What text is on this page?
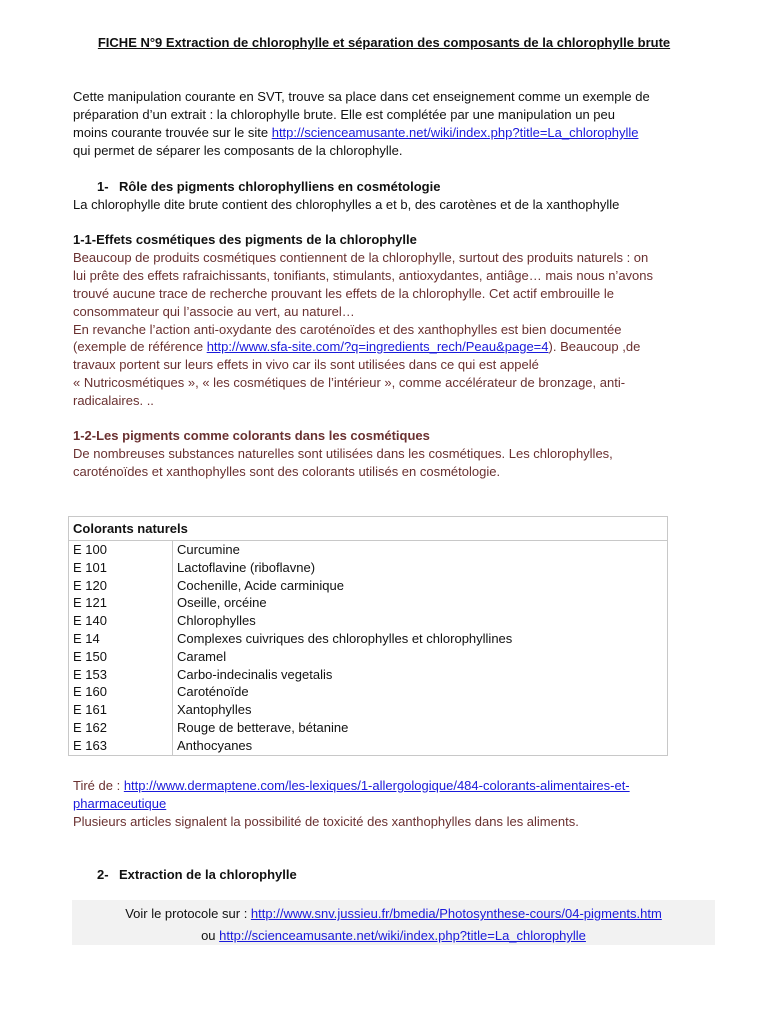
FICHE N°9 Extraction de chlorophylle et séparation des composants de la chlorophylle brute
Cette manipulation courante en SVT, trouve sa place dans cet enseignement comme un exemple de
préparation d’un extrait : la chlorophylle brute. Elle est complétée par une manipulation un peu
moins courante trouvée sur le site http://scienceamusante.net/wiki/index.php?title=La_chlorophylle
qui permet de séparer les composants de la chlorophylle.
1- Rôle des pigments chlorophylliens en cosmétologie
La chlorophylle dite brute contient des chlorophylles a et b, des carotènes et de la xanthophylle
1-1-Effets cosmétiques des pigments de la chlorophylle
Beaucoup de produits cosmétiques contiennent de la chlorophylle, surtout des produits naturels : on
lui prête des effets rafraichissants, tonifiants, stimulants, antioxydantes, antiâge… mais nous n’avons
trouvé aucune trace de recherche prouvant les effets de la chlorophylle. Cet actif embrouille le
consommateur qui l’associe au vert, au naturel…
En revanche l’action anti-oxydante des caroténoïdes et des xanthophylles est bien documentée
(exemple de référence http://www.sfa-site.com/?q=ingredients_rech/Peau&page=4). Beaucoup ,de
travaux portent sur leurs effets in vivo car ils sont utilisées dans ce qui est appelé
« Nutricosmétiques », « les cosmétiques de l’intérieur », comme accélérateur de bronzage, anti-
radicalaires. ..
1-2-Les pigments comme colorants dans les cosmétiques
De nombreuses substances naturelles sont utilisées dans les cosmétiques. Les chlorophylles,
caroténoïdes et xanthophylles sont des colorants utilisés en cosmétologie.
Colorants naturels	
E 100	Curcumine
E 101	Lactoflavine (riboflavne)
E 120	Cochenille, Acide carminique
E 121	Oseille, orcéine
E 140	Chlorophylles
E 14	Complexes cuivriques des chlorophylles et chlorophyllines
E 150	Caramel
E 153	Carbo-indecinalis vegetalis
E 160	Caroténoïde
E 161	Xantophylles
E 162	Rouge de betterave, bétanine
E 163	Anthocyanes
Tiré de : http://www.dermaptene.com/les-lexiques/1-allergologique/484-colorants-alimentaires-et-
pharmaceutique
Plusieurs articles signalent la possibilité de toxicité des xanthophylles dans les aliments.
2- Extraction de la chlorophylle
Voir le protocole sur : http://www.snv.jussieu.fr/bmedia/Photosynthese-cours/04-pigments.htm
ou http://scienceamusante.net/wiki/index.php?title=La_chlorophylle
